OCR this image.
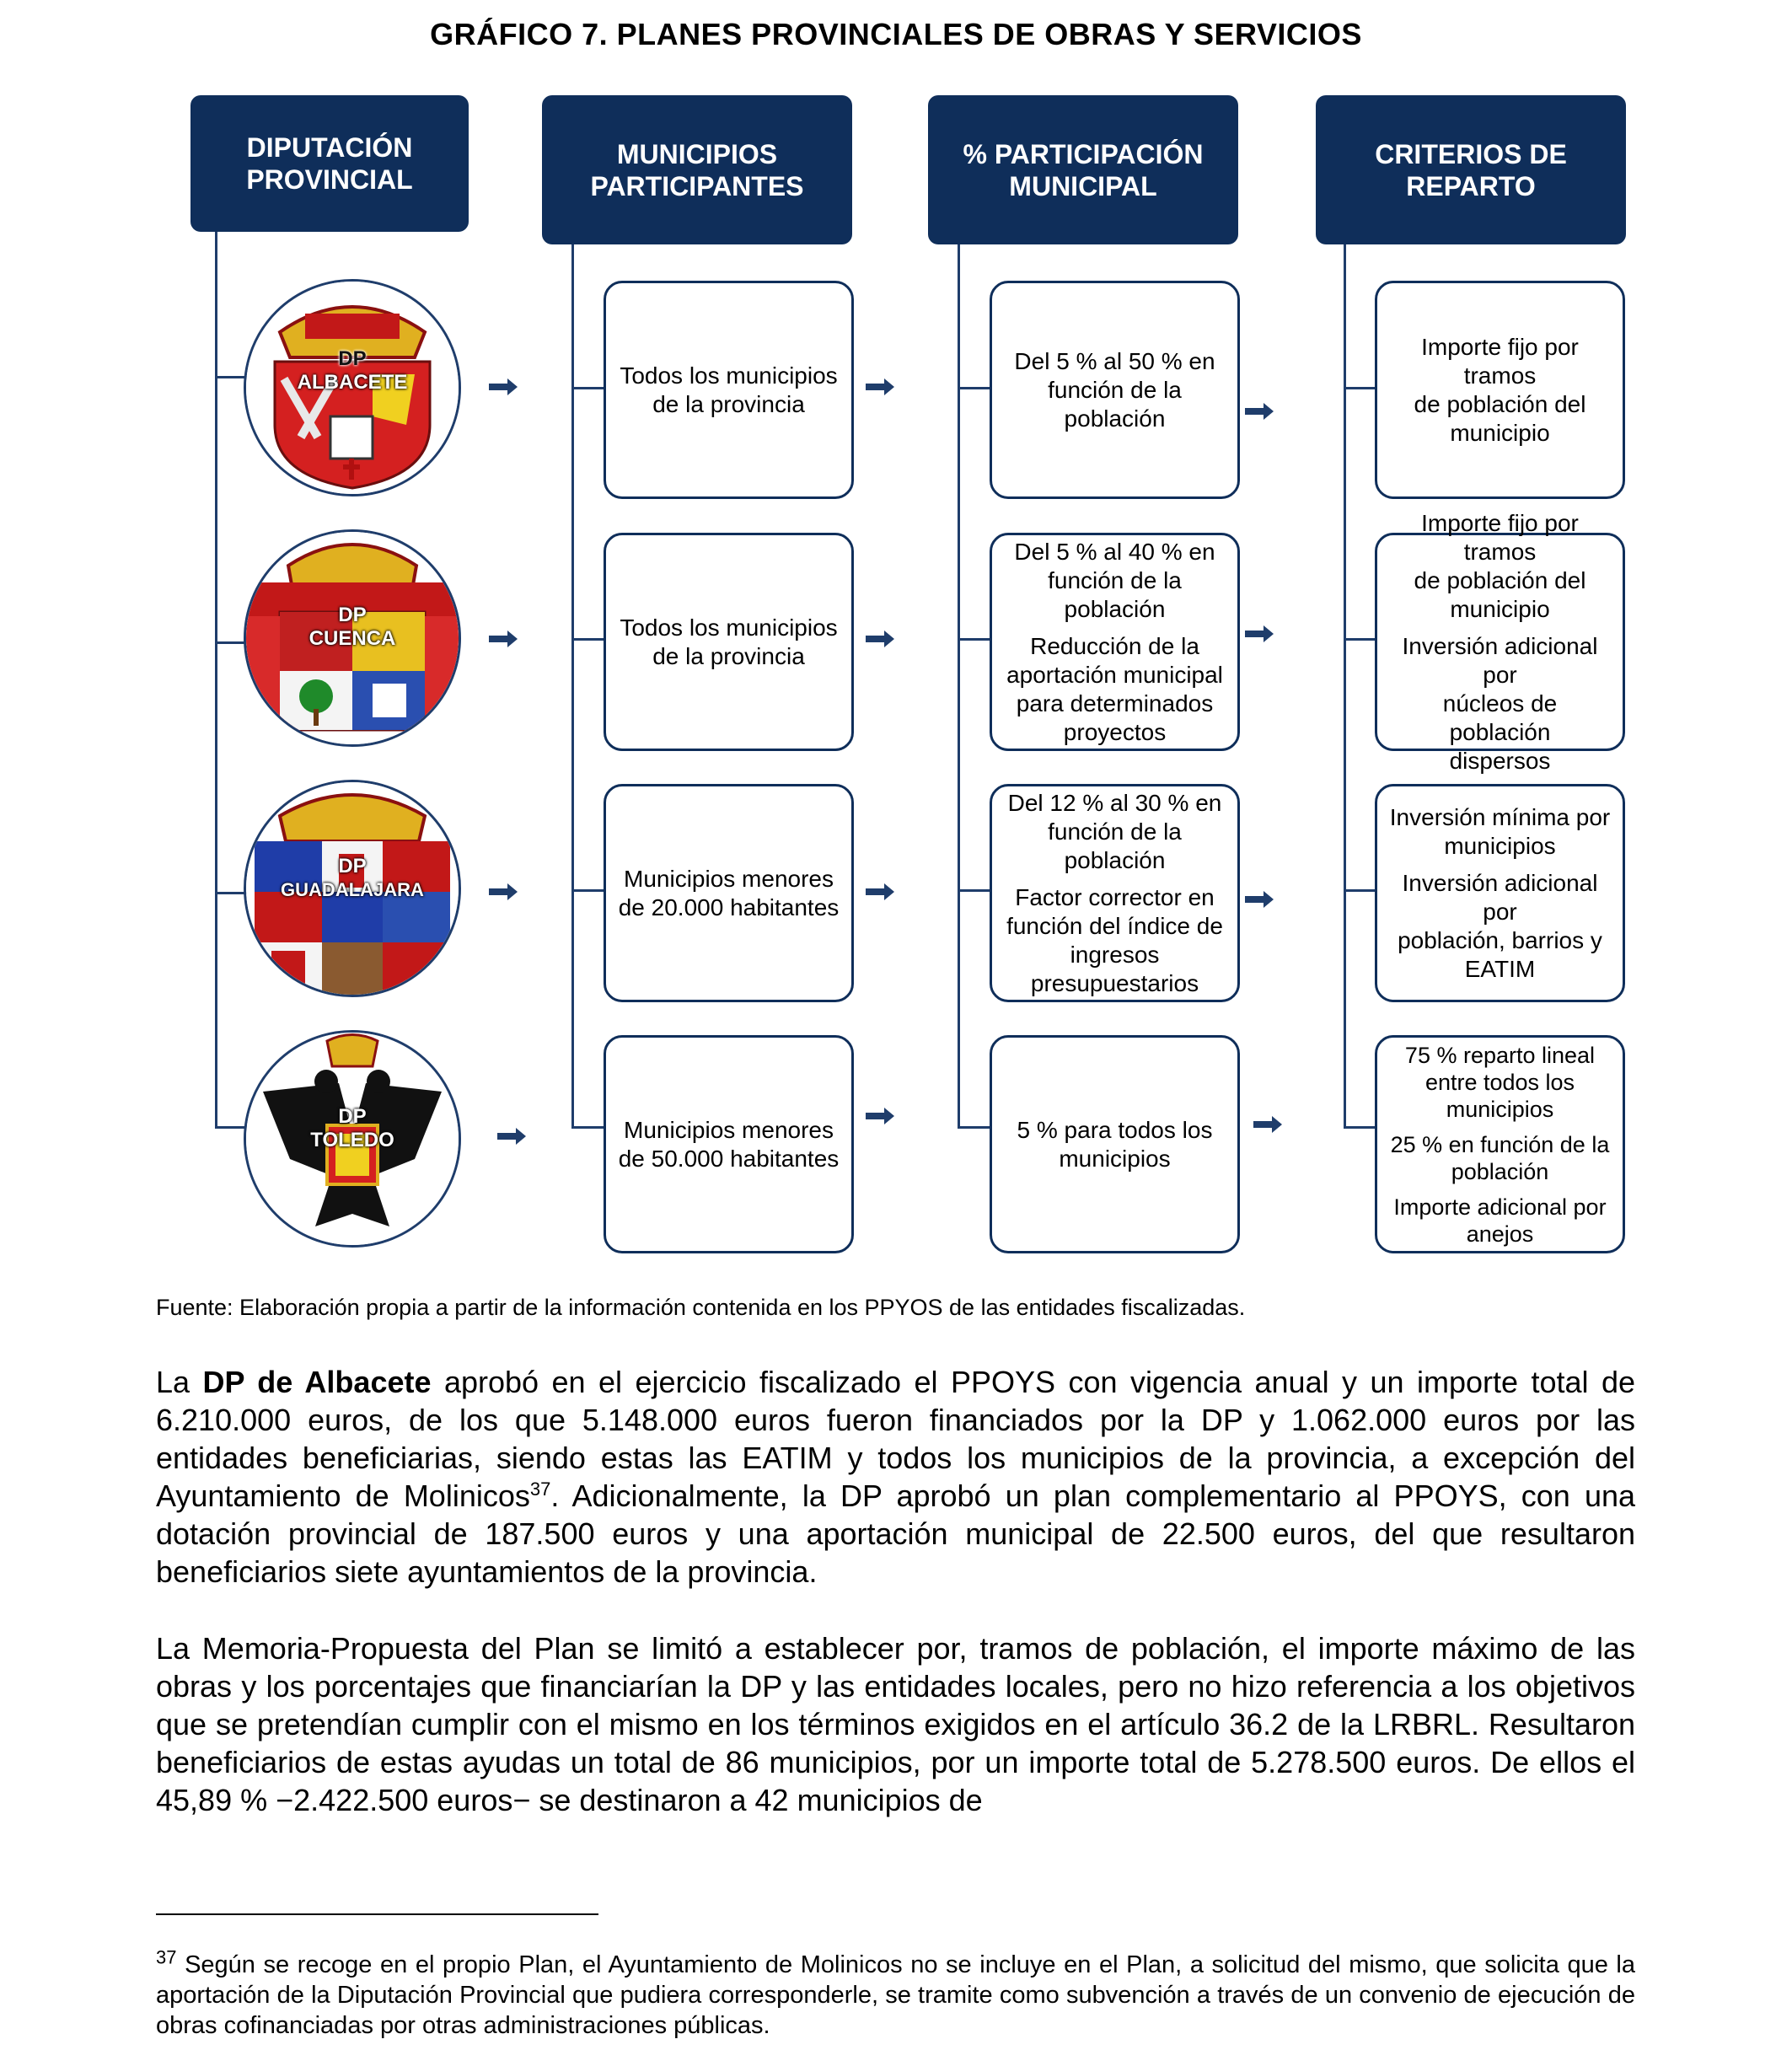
GRÁFICO 7. PLANES PROVINCIALES DE OBRAS Y SERVICIOS
DIPUTACIÓN
PROVINCIAL
MUNICIPIOS
PARTICIPANTES
% PARTICIPACIÓN
MUNICIPAL
CRITERIOS DE
REPARTO
DP
ALBACETE
DP
CUENCA
DP
GUADALAJARA
DP
TOLEDO

Todos los municipios
de la provincia

Todos los municipios
de la provincia

Municipios menores
de 20.000 habitantes

Municipios menores
de 50.000 habitantes

Del 5 % al 50 % en
función de la
población

Del 5 % al 40 % en
función de la
población

Reducción de la
aportación municipal
para determinados
proyectos

Del 12 % al 30 % en
función de la
población

Factor corrector en
función del índice de
ingresos
presupuestarios

5 % para todos los
municipios

Importe fijo por tramos
de población del
municipio

Importe fijo por tramos
de población del
municipio

Inversión adicional por
núcleos de población
dispersos

Inversión mínima por
municipios

Inversión adicional por
población, barrios y
EATIM

75 % reparto lineal
entre todos los
municipios

25 % en función de la
población

Importe adicional por
anejos

Fuente: Elaboración propia a partir de la información contenida en los PPYOS de las entidades fiscalizadas.

La DP de Albacete aprobó en el ejercicio fiscalizado el PPOYS con vigencia anual y un importe total de 6.210.000 euros, de los que 5.148.000 euros fueron financiados por la DP y 1.062.000 euros por las entidades beneficiarias, siendo estas las EATIM y todos los municipios de la provincia, a excepción del Ayuntamiento de Molinicos$^{37}$. Adicionalmente, la DP aprobó un plan complementario al PPOYS, con una dotación provincial de 187.500 euros y una aportación municipal de 22.500 euros, del que resultaron beneficiarios siete ayuntamientos de la provincia.

La Memoria-Propuesta del Plan se limitó a establecer por, tramos de población, el importe máximo de las obras y los porcentajes que financiarían la DP y las entidades locales, pero no hizo referencia a los objetivos que se pretendían cumplir con el mismo en los términos exigidos en el artículo 36.2 de la LRBRL. Resultaron beneficiarios de estas ayudas un total de 86 municipios, por un importe total de 5.278.500 euros. De ellos el 45,89 % −2.422.500 euros− se destinaron a 42 municipios de

$^{37}$ Según se recoge en el propio Plan, el Ayuntamiento de Molinicos no se incluye en el Plan, a solicitud del mismo, que solicita que la aportación de la Diputación Provincial que pudiera corresponderle, se tramite como subvención a través de un convenio de ejecución de obras cofinanciadas por otras administraciones públicas.
